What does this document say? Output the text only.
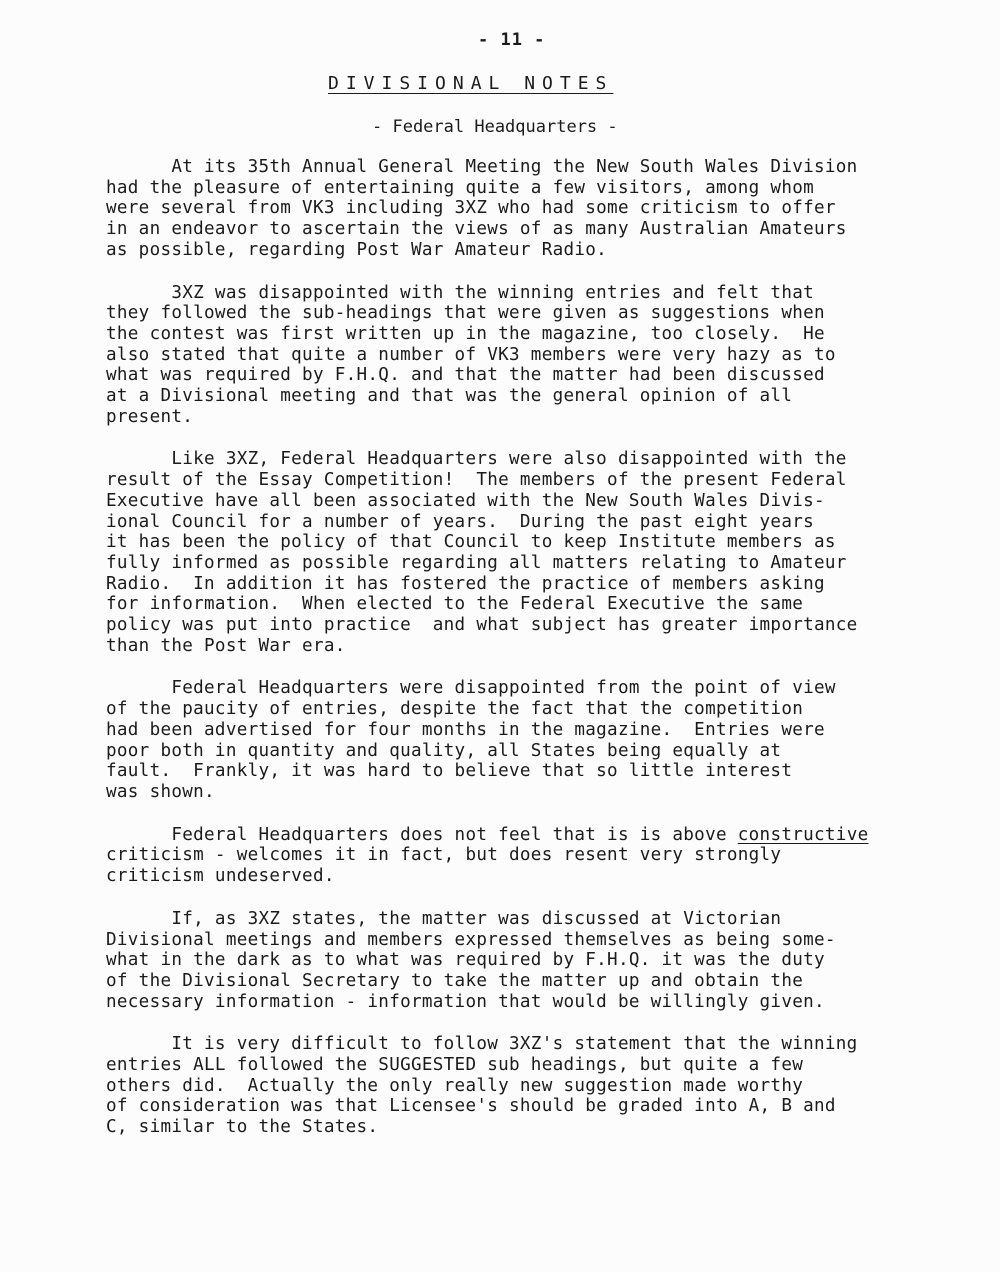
- 11 -
DIVISIONAL NOTES
- Federal Headquarters -
At its 35th Annual General Meeting the New South Wales Division
had the pleasure of entertaining quite a few visitors, among whom
were several from VK3 including 3XZ who had some criticism to offer
in an endeavor to ascertain the views of as many Australian Amateurs
as possible, regarding Post War Amateur Radio.
3XZ was disappointed with the winning entries and felt that
they followed the sub-headings that were given as suggestions when
the contest was first written up in the magazine, too closely.  He
also stated that quite a number of VK3 members were very hazy as to
what was required by F.H.Q. and that the matter had been discussed
at a Divisional meeting and that was the general opinion of all
present.
Like 3XZ, Federal Headquarters were also disappointed with the
result of the Essay Competition!  The members of the present Federal
Executive have all been associated with the New South Wales Divis-
ional Council for a number of years.  During the past eight years
it has been the policy of that Council to keep Institute members as
fully informed as possible regarding all matters relating to Amateur
Radio.  In addition it has fostered the practice of members asking
for information.  When elected to the Federal Executive the same
policy was put into practice  and what subject has greater importance
than the Post War era.
Federal Headquarters were disappointed from the point of view
of the paucity of entries, despite the fact that the competition
had been advertised for four months in the magazine.  Entries were
poor both in quantity and quality, all States being equally at
fault.  Frankly, it was hard to believe that so little interest
was shown.
Federal Headquarters does not feel that is is above constructive
criticism - welcomes it in fact, but does resent very strongly
criticism undeserved.
If, as 3XZ states, the matter was discussed at Victorian
Divisional meetings and members expressed themselves as being some-
what in the dark as to what was required by F.H.Q. it was the duty
of the Divisional Secretary to take the matter up and obtain the
necessary information - information that would be willingly given.
It is very difficult to follow 3XZ's statement that the winning
entries ALL followed the SUGGESTED sub headings, but quite a few
others did.  Actually the only really new suggestion made worthy
of consideration was that Licensee's should be graded into A, B and
C, similar to the States.
